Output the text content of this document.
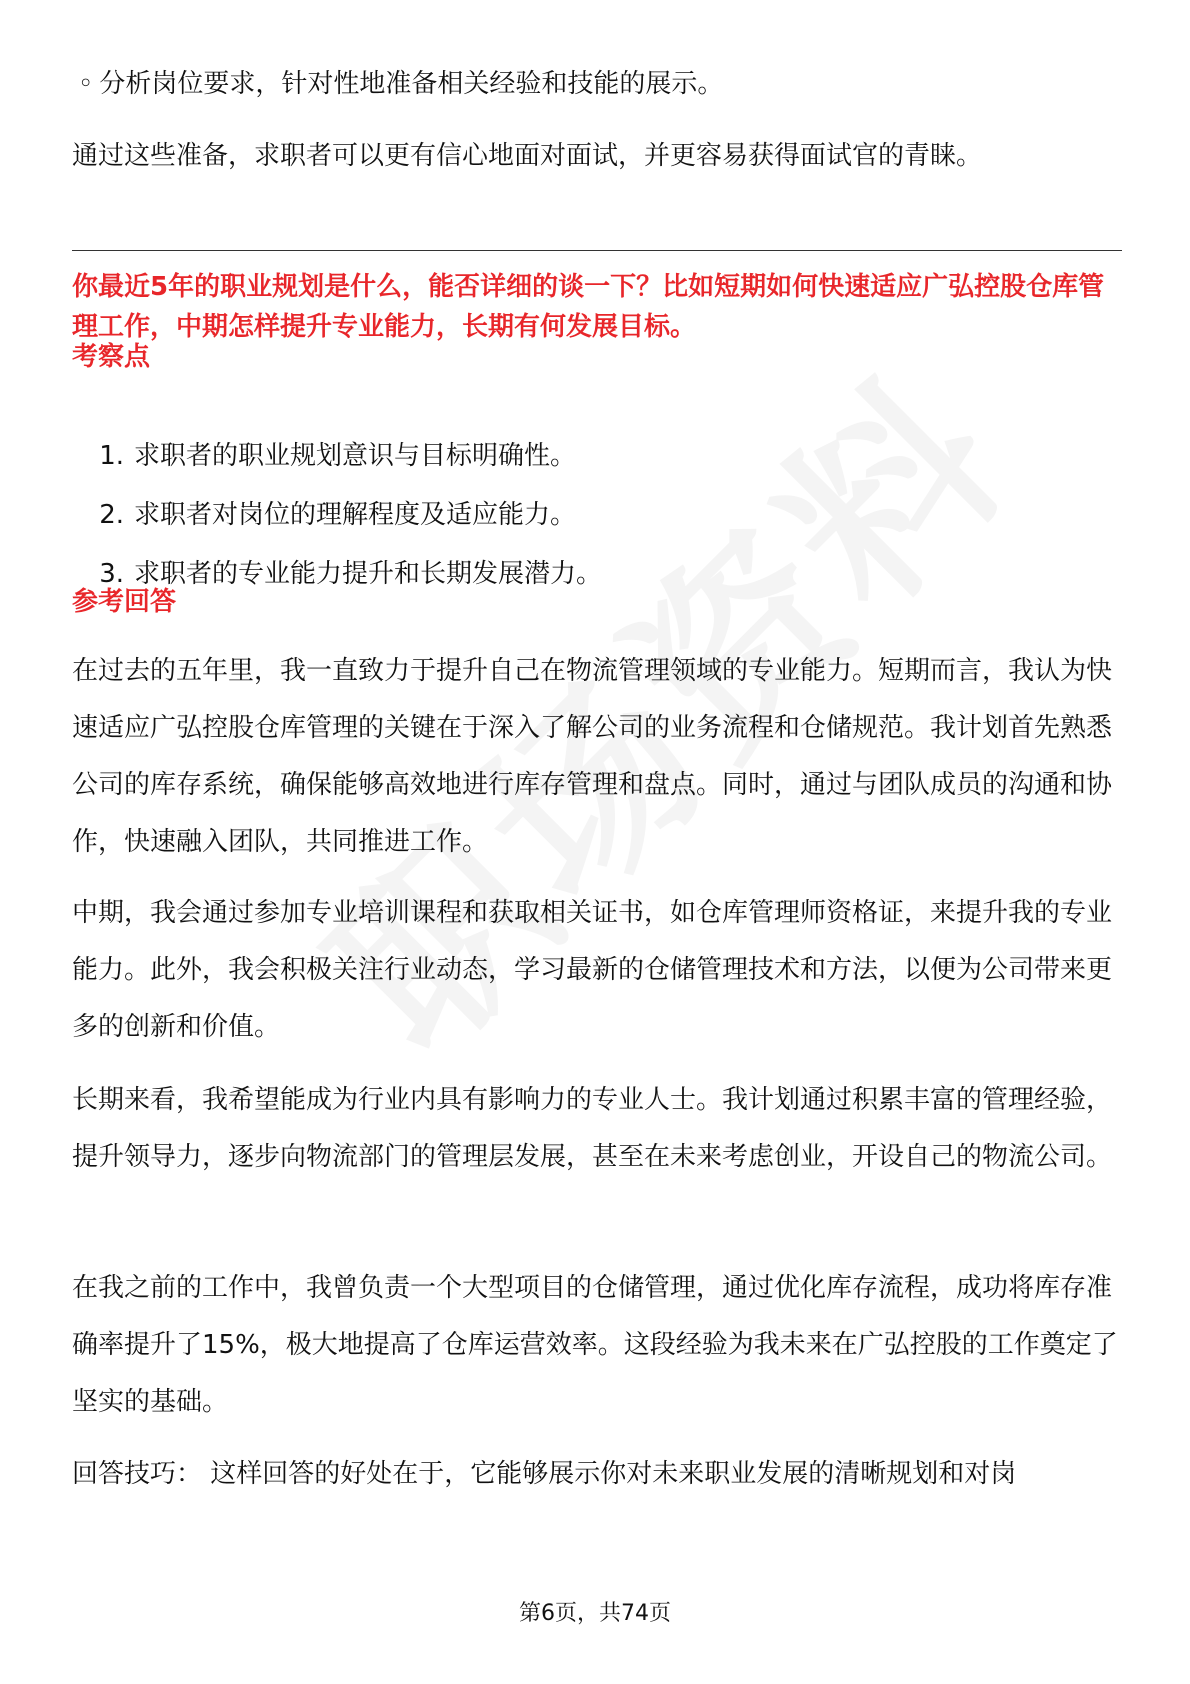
◦ 分析岗位要求，针对性地准备相关经验和技能的展示。

通过这些准备，求职者可以更有信心地面对面试，并更容易获得面试官的青睐。

你最近5年的职业规划是什么，能否详细的谈一下？比如短期如何快速适应广弘控股仓库管理工作，中期怎样提升专业能力，长期有何发展目标。

考察点

1. 求职者的职业规划意识与目标明确性。
2. 求职者对岗位的理解程度及适应能力。
3. 求职者的专业能力提升和长期发展潜力。

参考回答

在过去的五年里，我一直致力于提升自己在物流管理领域的专业能力。短期而言，我认为快速适应广弘控股仓库管理的关键在于深入了解公司的业务流程和仓储规范。我计划首先熟悉公司的库存系统，确保能够高效地进行库存管理和盘点。同时，通过与团队成员的沟通和协作，快速融入团队，共同推进工作。

中期，我会通过参加专业培训课程和获取相关证书，如仓库管理师资格证，来提升我的专业能力。此外，我会积极关注行业动态，学习最新的仓储管理技术和方法，以便为公司带来更多的创新和价值。

长期来看，我希望能成为行业内具有影响力的专业人士。我计划通过积累丰富的管理经验，提升领导力，逐步向物流部门的管理层发展，甚至在未来考虑创业，开设自己的物流公司。

在我之前的工作中，我曾负责一个大型项目的仓储管理，通过优化库存流程，成功将库存准确率提升了15%，极大地提高了仓库运营效率。这段经验为我未来在广弘控股的工作奠定了坚实的基础。

回答技巧： 这样回答的好处在于，它能够展示你对未来职业发展的清晰规划和对岗

第6页，共74页
